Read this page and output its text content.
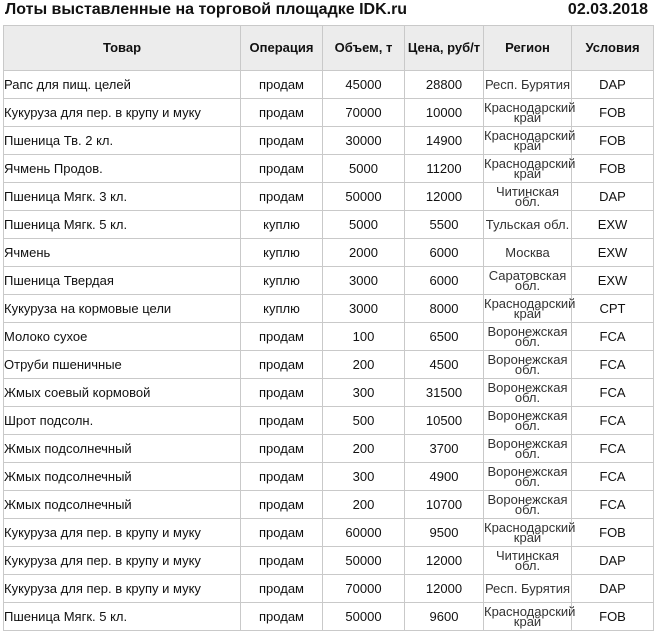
Лоты выставленные на торговой площадке IDK.ru	02.03.2018
Товар	Операция	Объем, т	Цена, руб/т	Регион	Условия
Рапс для пищ. целей	продам	45000	28800	Респ. Бурятия	DAP
Кукуруза для пер. в крупу и муку	продам	70000	10000	Краснодарский край	FOB
Пшеница Тв. 2 кл.	продам	30000	14900	Краснодарский край	FOB
Ячмень Продов.	продам	5000	11200	Краснодарский край	FOB
Пшеница Мягк. 3 кл.	продам	50000	12000	Читинская обл.	DAP
Пшеница Мягк. 5 кл.	куплю	5000	5500	Тульская обл.	EXW
Ячмень	куплю	2000	6000	Москва	EXW
Пшеница Твердая	куплю	3000	6000	Саратовская обл.	EXW
Кукуруза на кормовые цели	куплю	3000	8000	Краснодарский край	CPT
Молоко сухое	продам	100	6500	Воронежская обл.	FCA
Отруби пшеничные	продам	200	4500	Воронежская обл.	FCA
Жмых соевый кормовой	продам	300	31500	Воронежская обл.	FCA
Шрот подсолн.	продам	500	10500	Воронежская обл.	FCA
Жмых подсолнечный	продам	200	3700	Воронежская обл.	FCA
Жмых подсолнечный	продам	300	4900	Воронежская обл.	FCA
Жмых подсолнечный	продам	200	10700	Воронежская обл.	FCA
Кукуруза для пер. в крупу и муку	продам	60000	9500	Краснодарский край	FOB
Кукуруза для пер. в крупу и муку	продам	50000	12000	Читинская обл.	DAP
Кукуруза для пер. в крупу и муку	продам	70000	12000	Респ. Бурятия	DAP
Пшеница Мягк. 5 кл.	продам	50000	9600	Краснодарский край	FOB
